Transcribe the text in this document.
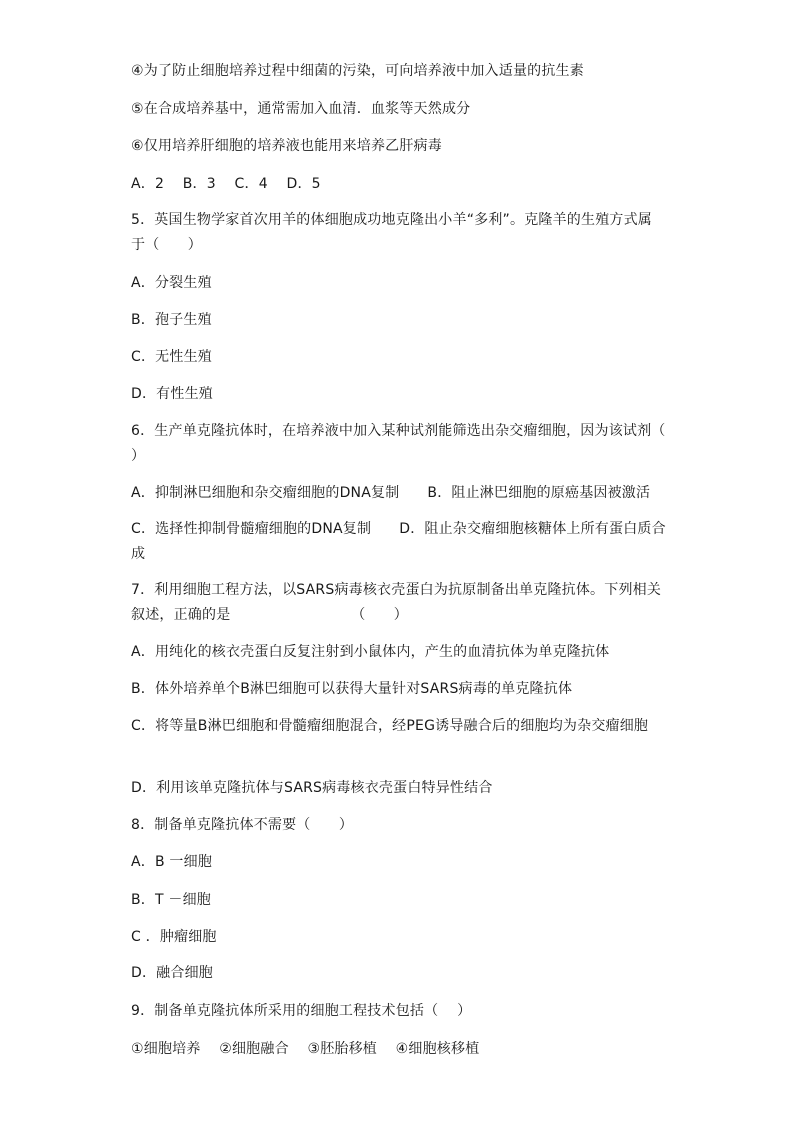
④为了防止细胞培养过程中细菌的污染，可向培养液中加入适量的抗生素

⑤在合成培养基中，通常需加入血清．血浆等天然成分

⑥仅用培养肝细胞的培养液也能用来培养乙肝病毒

A．2 B．3 C．4 D．5

5．英国生物学家首次用羊的体细胞成功地克隆出小羊“多利”。克隆羊的生殖方式属于（　　）

A．分裂生殖

B．孢子生殖

C．无性生殖

D．有性生殖

6．生产单克隆抗体时，在培养液中加入某种试剂能筛选出杂交瘤细胞，因为该试剂（　 ）

A．抑制淋巴细胞和杂交瘤细胞的DNA复制 B．阻止淋巴细胞的原癌基因被激活

C．选择性抑制骨髓瘤细胞的DNA复制 D．阻止杂交瘤细胞核糖体上所有蛋白质合成

7．利用细胞工程方法，以SARS病毒核衣壳蛋白为抗原制备出单克隆抗体。下列相关叙述，正确的是　　　　　　　　　（　　）

A．用纯化的核衣壳蛋白反复注射到小鼠体内，产生的血清抗体为单克隆抗体

B．体外培养单个B淋巴细胞可以获得大量针对SARS病毒的单克隆抗体

C．将等量B淋巴细胞和骨髓瘤细胞混合，经PEG诱导融合后的细胞均为杂交瘤细胞

D．利用该单克隆抗体与SARS病毒核衣壳蛋白特异性结合

8．制备单克隆抗体不需要（　　）

A．B 一细胞

B．T －细胞

C ．肿瘤细胞

D．融合细胞

9．制备单克隆抗体所采用的细胞工程技术包括（　 ）

①细胞培养 ②细胞融合 ③胚胎移植 ④细胞核移植
